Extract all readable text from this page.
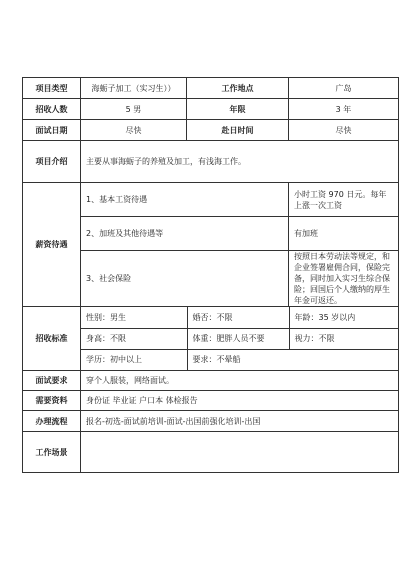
项目类型	海蛎子加工（实习生））	工作地点	广岛
招收人数	5 男	年限	3 年
面试日期	尽快	赴日时间	尽快
项目介绍	主要从事海蛎子的养殖及加工，有浅海工作。
薪资待遇	1、基本工资待遇	小时工资 970 日元。每年上涨一次工资
2、加班及其他待遇等	有加班
3、社会保险	按照日本劳动法等规定，和企业签署雇佣合同，保险完备，同时加入实习生综合保险；回国后个人缴纳的厚生年金可返还。
招收标准	
性别：男生	婚否：不限	年龄：35 岁以内
身高：不限	体重：肥胖人员不要	视力：不限
学历：初中以上	要求：不晕船

面试要求	穿个人服装，网络面试。
需要资料	身份证 毕业证 户口本 体检报告
办理流程	报名-初选-面试前培训-面试-出国前强化培训-出国
工作场景	
